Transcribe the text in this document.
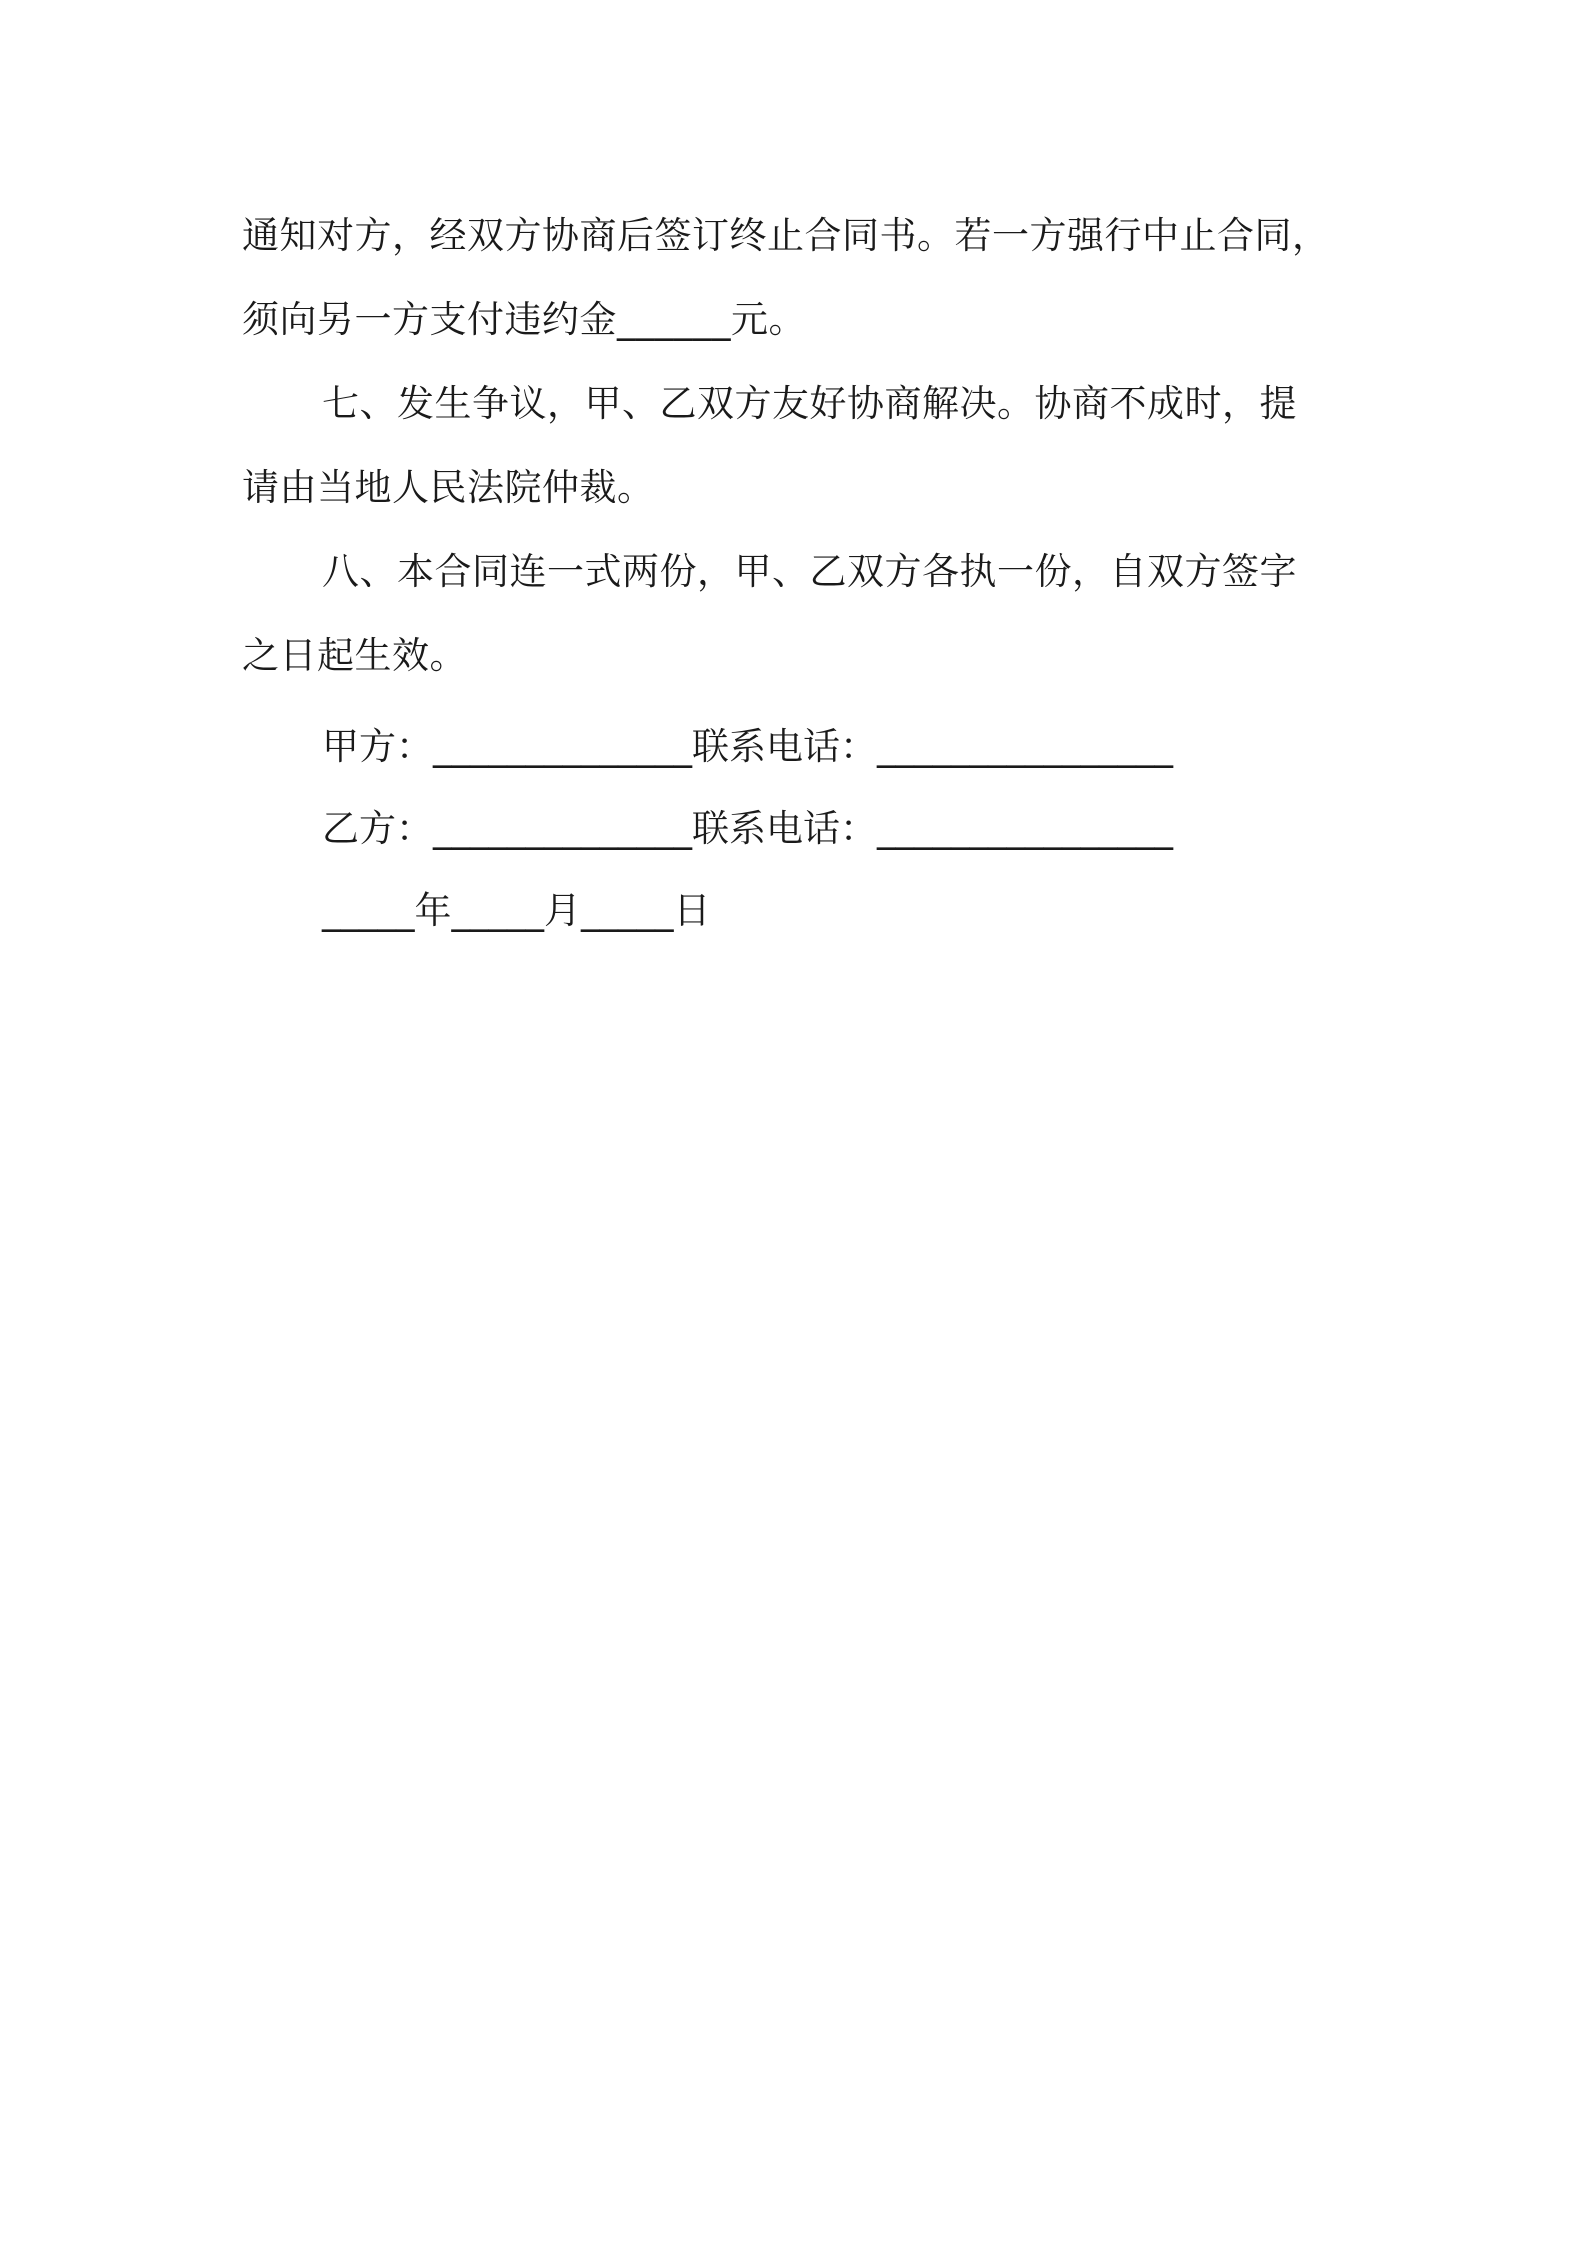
通知对方，经双方协商后签订终止合同书。若一方强行中止合同，
须向另一方支付违约金______元。
七、发生争议，甲、乙双方友好协商解决。协商不成时，提
请由当地人民法院仲裁。
八、本合同连一式两份，甲、乙双方各执一份，自双方签字
之日起生效。
甲方：______________联系电话：________________
乙方：______________联系电话：________________
_____年_____月_____日
